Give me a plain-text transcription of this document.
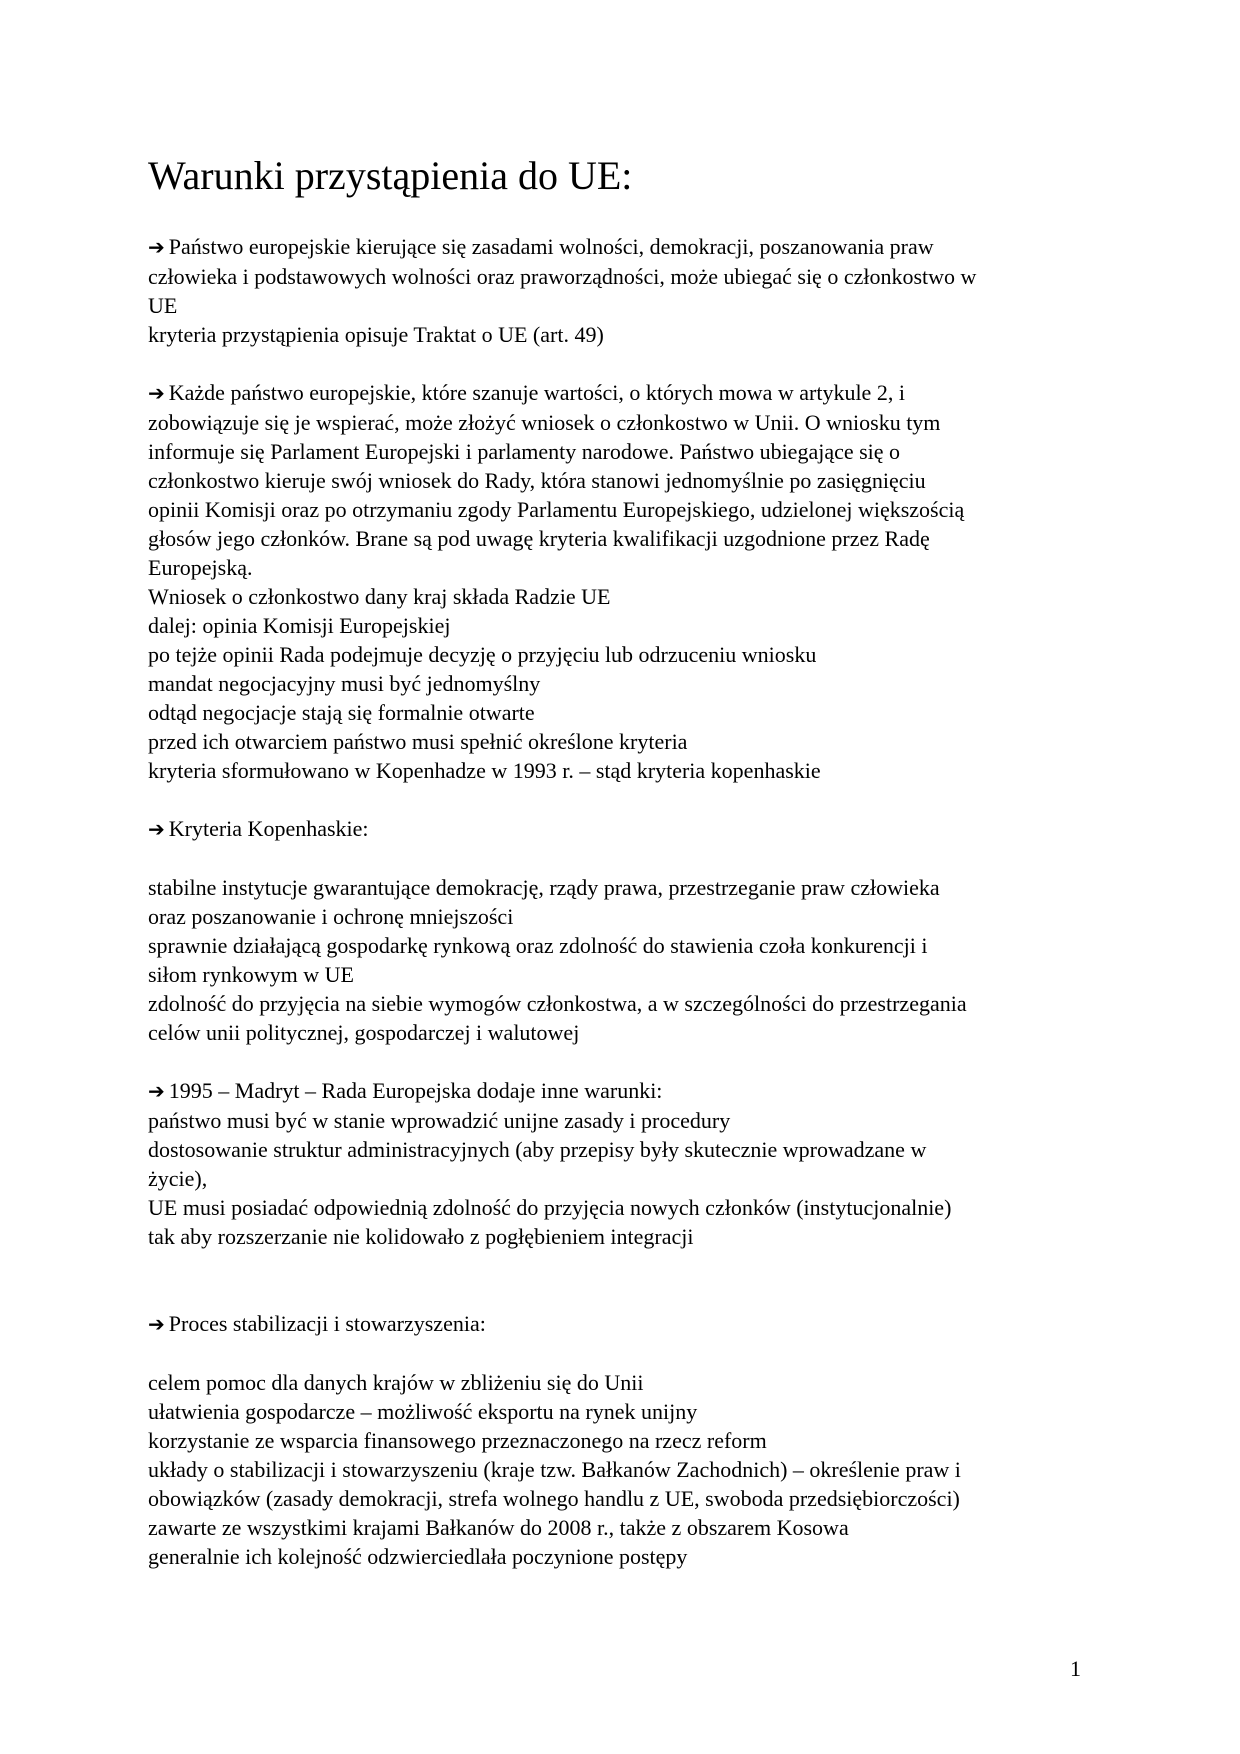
Warunki przystąpienia do UE:

➔ Państwo europejskie kierujące się zasadami wolności, demokracji, poszanowania praw

człowieka i podstawowych wolności oraz praworządności, może ubiegać się o członkostwo w

UE

kryteria przystąpienia opisuje Traktat o UE (art. 49)

➔ Każde państwo europejskie, które szanuje wartości, o których mowa w artykule 2, i

zobowiązuje się je wspierać, może złożyć wniosek o członkostwo w Unii. O wniosku tym

informuje się Parlament Europejski i parlamenty narodowe. Państwo ubiegające się o

członkostwo kieruje swój wniosek do Rady, która stanowi jednomyślnie po zasięgnięciu

opinii Komisji oraz po otrzymaniu zgody Parlamentu Europejskiego, udzielonej większością

głosów jego członków. Brane są pod uwagę kryteria kwalifikacji uzgodnione przez Radę

Europejską.

Wniosek o członkostwo dany kraj składa Radzie UE

dalej: opinia Komisji Europejskiej

po tejże opinii Rada podejmuje decyzję o przyjęciu lub odrzuceniu wniosku

mandat negocjacyjny musi być jednomyślny

odtąd negocjacje stają się formalnie otwarte

przed ich otwarciem państwo musi spełnić określone kryteria

kryteria sformułowano w Kopenhadze w 1993 r. – stąd kryteria kopenhaskie

➔ Kryteria Kopenhaskie:

stabilne instytucje gwarantujące demokrację, rządy prawa, przestrzeganie praw człowieka

oraz poszanowanie i ochronę mniejszości

sprawnie działającą gospodarkę rynkową oraz zdolność do stawienia czoła konkurencji i

siłom rynkowym w UE

zdolność do przyjęcia na siebie wymogów członkostwa, a w szczególności do przestrzegania

celów unii politycznej, gospodarczej i walutowej

➔ 1995 – Madryt – Rada Europejska dodaje inne warunki:

państwo musi być w stanie wprowadzić unijne zasady i procedury

dostosowanie struktur administracyjnych (aby przepisy były skutecznie wprowadzane w

życie),

UE musi posiadać odpowiednią zdolność do przyjęcia nowych członków (instytucjonalnie)

tak aby rozszerzanie nie kolidowało z pogłębieniem integracji

➔ Proces stabilizacji i stowarzyszenia:

celem pomoc dla danych krajów w zbliżeniu się do Unii

ułatwienia gospodarcze – możliwość eksportu na rynek unijny

korzystanie ze wsparcia finansowego przeznaczonego na rzecz reform

układy o stabilizacji i stowarzyszeniu (kraje tzw. Bałkanów Zachodnich) – określenie praw i

obowiązków (zasady demokracji, strefa wolnego handlu z UE, swoboda przedsiębiorczości)

zawarte ze wszystkimi krajami Bałkanów do 2008 r., także z obszarem Kosowa

generalnie ich kolejność odzwierciedlała poczynione postępy

1
